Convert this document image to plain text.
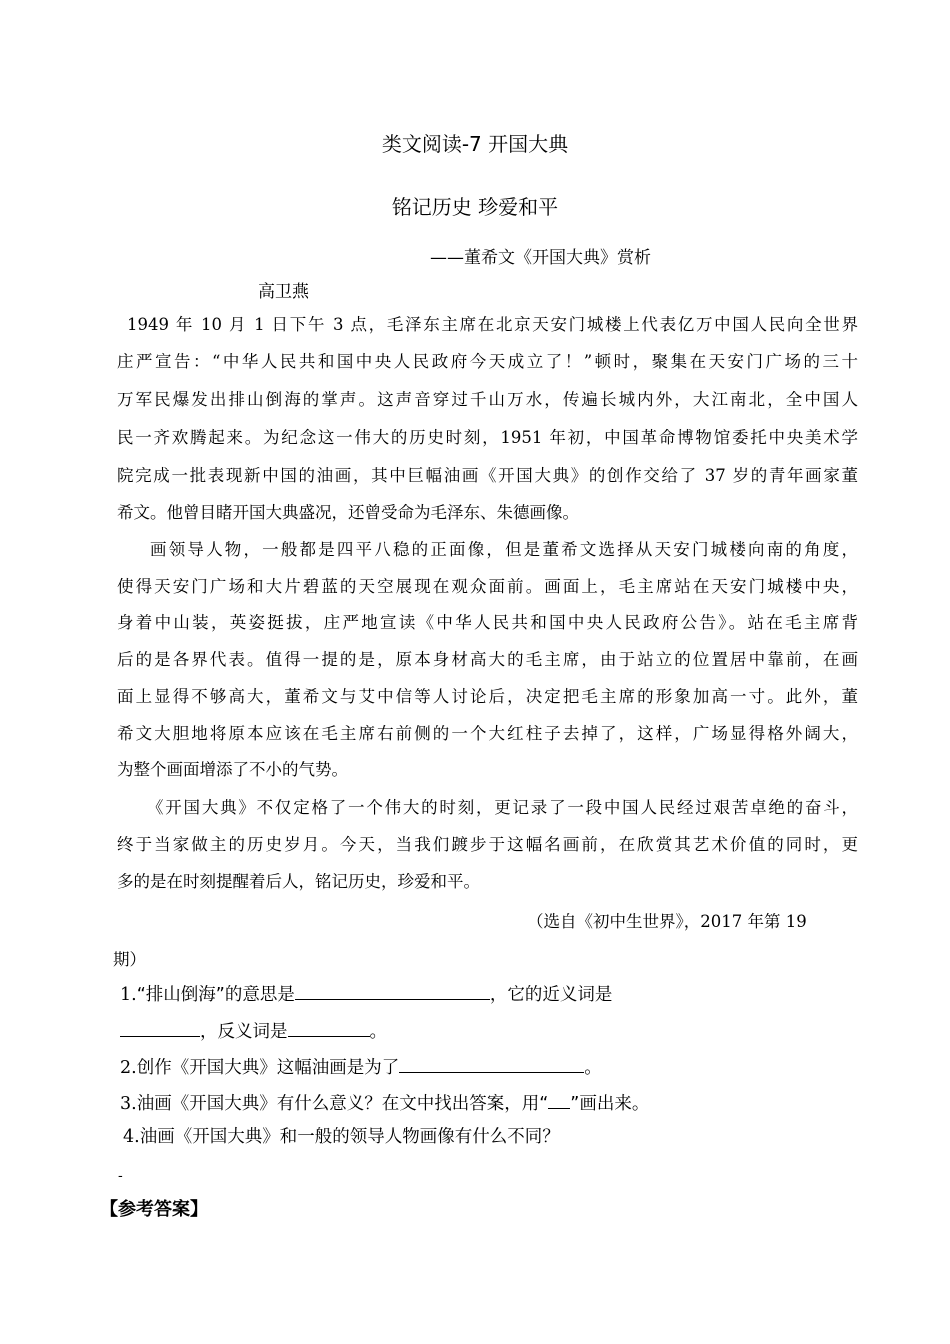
类文阅读-7 开国大典
铭记历史 珍爱和平
——董希文《开国大典》赏析
高卫燕
1949 年 10 月 1 日下午 3 点，毛泽东主席在北京天安门城楼上代表亿万中国人民向全世界
庄严宣告：“中华人民共和国中央人民政府今天成立了！”顿时，聚集在天安门广场的三十
万军民爆发出排山倒海的掌声。这声音穿过千山万水，传遍长城内外，大江南北，全中国人
民一齐欢腾起来。为纪念这一伟大的历史时刻，1951 年初，中国革命博物馆委托中央美术学
院完成一批表现新中国的油画，其中巨幅油画《开国大典》的创作交给了 37 岁的青年画家董
希文。他曾目睹开国大典盛况，还曾受命为毛泽东、朱德画像。
画领导人物，一般都是四平八稳的正面像，但是董希文选择从天安门城楼向南的角度，
使得天安门广场和大片碧蓝的天空展现在观众面前。画面上，毛主席站在天安门城楼中央，
身着中山装，英姿挺拔，庄严地宣读《中华人民共和国中央人民政府公告》。站在毛主席背
后的是各界代表。值得一提的是，原本身材高大的毛主席，由于站立的位置居中靠前，在画
面上显得不够高大，董希文与艾中信等人讨论后，决定把毛主席的形象加高一寸。此外，董
希文大胆地将原本应该在毛主席右前侧的一个大红柱子去掉了，这样，广场显得格外阔大，
为整个画面增添了不小的气势。
《开国大典》不仅定格了一个伟大的时刻，更记录了一段中国人民经过艰苦卓绝的奋斗，
终于当家做主的历史岁月。今天，当我们踱步于这幅名画前，在欣赏其艺术价值的同时，更
多的是在时刻提醒着后人，铭记历史，珍爱和平。
（选自《初中生世界》，2017 年第 19
期）
1.“排山倒海”的意思是	，它的近义词是
，反义词是	。
2.创作《开国大典》这幅油画是为了	。
3.油画《开国大典》有什么意义？在文中找出答案，用“ ”画出来。
4.油画《开国大典》和一般的领导人物画像有什么不同？
-
【参考答案】
